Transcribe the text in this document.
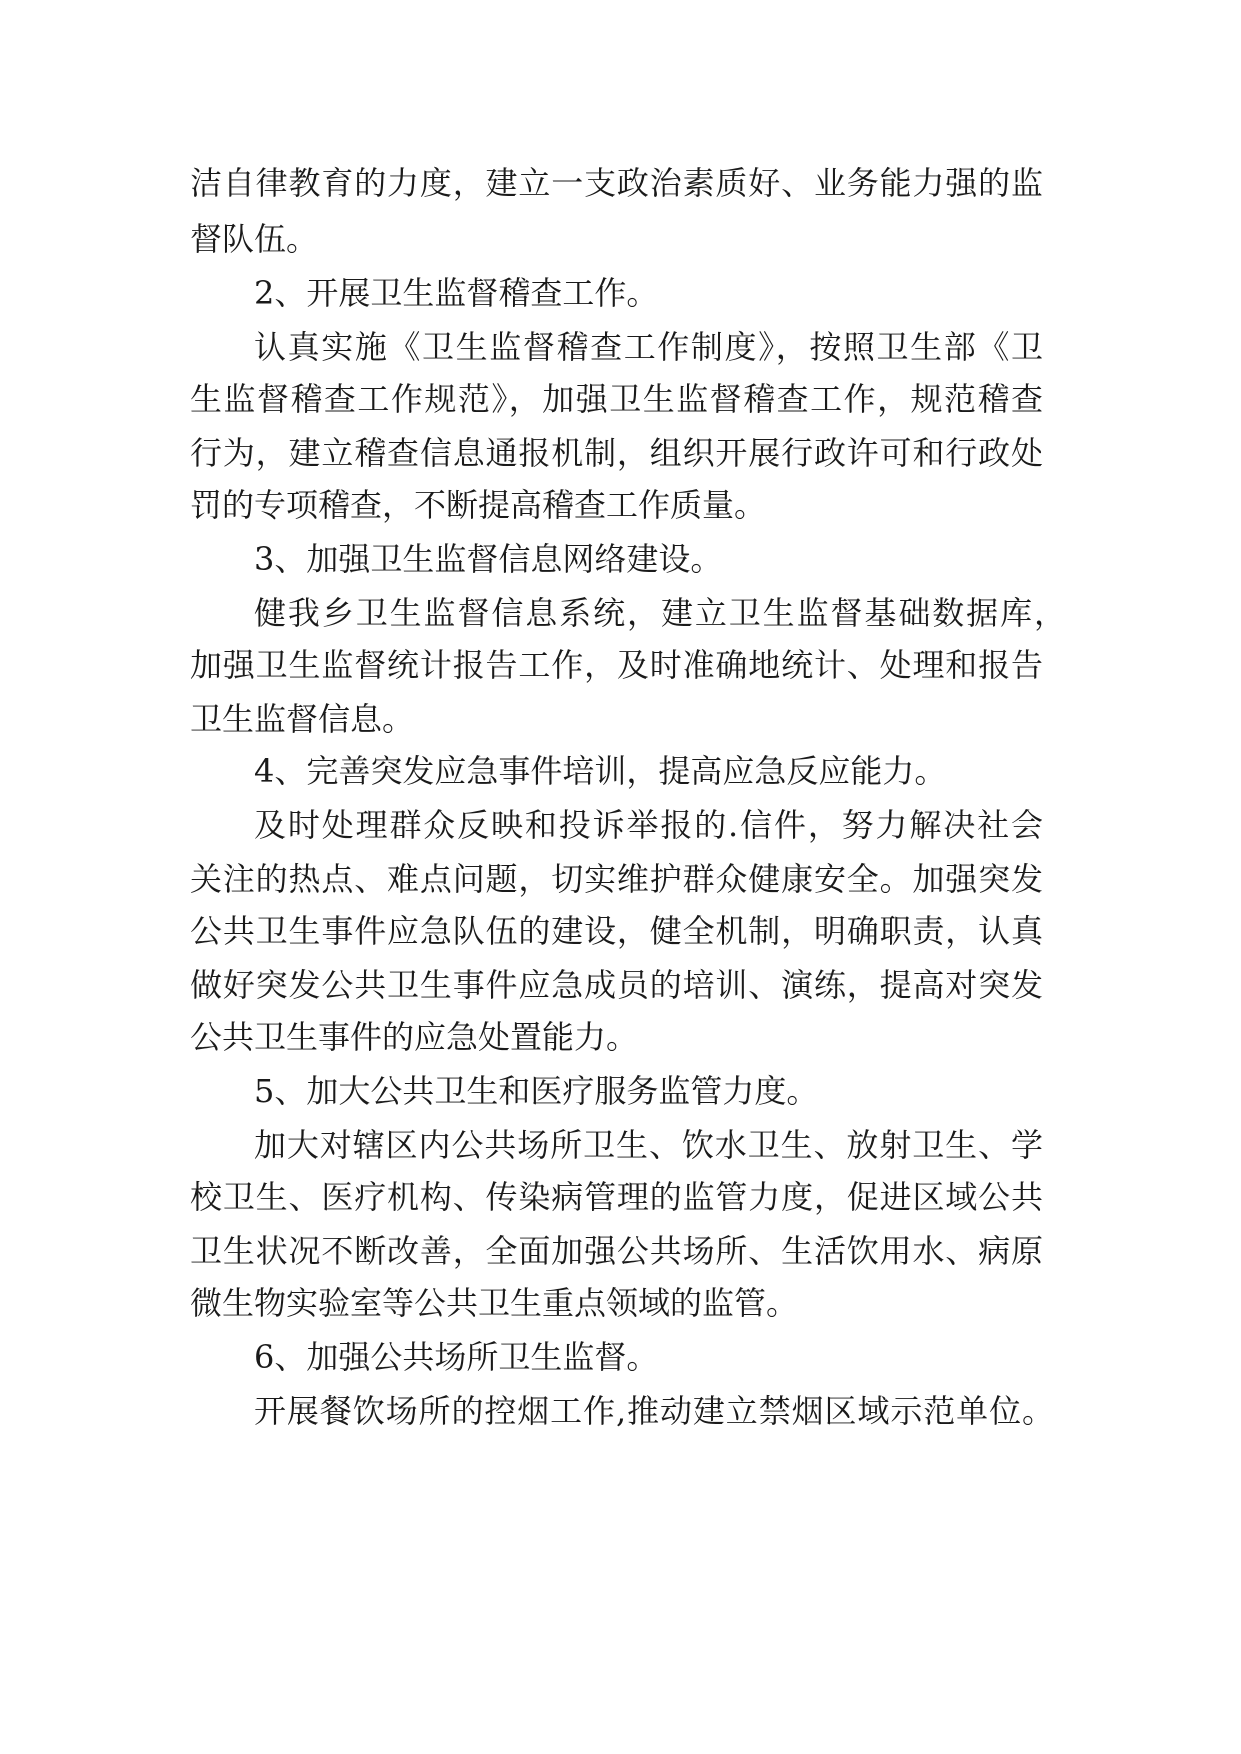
洁自律教育的力度，建立一支政治素质好、业务能力强的监
督队伍。
2、开展卫生监督稽查工作。
认真实施《卫生监督稽查工作制度》，按照卫生部《卫
生监督稽查工作规范》，加强卫生监督稽查工作，规范稽查
行为，建立稽查信息通报机制，组织开展行政许可和行政处
罚的专项稽查，不断提高稽查工作质量。
3、加强卫生监督信息网络建设。
健我乡卫生监督信息系统，建立卫生监督基础数据库，
加强卫生监督统计报告工作，及时准确地统计、处理和报告
卫生监督信息。
4、完善突发应急事件培训，提高应急反应能力。
及时处理群众反映和投诉举报的.信件，努力解决社会
关注的热点、难点问题，切实维护群众健康安全。加强突发
公共卫生事件应急队伍的建设，健全机制，明确职责，认真
做好突发公共卫生事件应急成员的培训、演练，提高对突发
公共卫生事件的应急处置能力。
5、加大公共卫生和医疗服务监管力度。
加大对辖区内公共场所卫生、饮水卫生、放射卫生、学
校卫生、医疗机构、传染病管理的监管力度，促进区域公共
卫生状况不断改善，全面加强公共场所、生活饮用水、病原
微生物实验室等公共卫生重点领域的监管。
6、加强公共场所卫生监督。
开展餐饮场所的控烟工作,推动建立禁烟区域示范单位。
